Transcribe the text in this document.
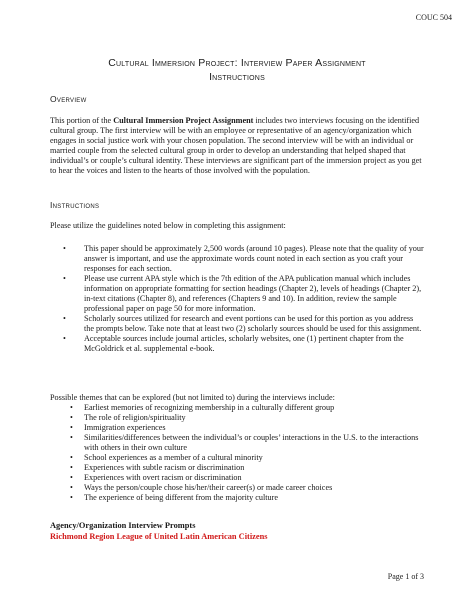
COUC 504
Cultural Immersion Project: Interview Paper Assignment
Instructions
Overview

This portion of the Cultural Immersion Project Assignment includes two interviews focusing on the identified cultural group. The first interview will be with an employee or representative of an agency/organization which engages in social justice work with your chosen population. The second interview will be with an individual or married couple from the selected cultural group in order to develop an understanding that helped shaped that individual’s or couple’s cultural identity. These interviews are significant part of the immersion project as you get to hear the voices and listen to the hearts of those involved with the population.

Instructions

Please utilize the guidelines noted below in completing this assignment:

• This paper should be approximately 2,500 words (around 10 pages). Please note that the quality of your answer is important, and use the approximate words count noted in each section as you craft your responses for each section.
• Please use current APA style which is the 7th edition of the APA publication manual which includes information on appropriate formatting for section headings (Chapter 2), levels of headings (Chapter 2), in-text citations (Chapter 8), and references (Chapters 9 and 10). In addition, review the sample professional paper on page 50 for more information.
• Scholarly sources utilized for research and event portions can be used for this portion as you address the prompts below. Take note that at least two (2) scholarly sources should be used for this assignment.
• Acceptable sources include journal articles, scholarly websites, one (1) pertinent chapter from the McGoldrick et al. supplemental e-book.

Possible themes that can be explored (but not limited to) during the interviews include:

• Earliest memories of recognizing membership in a culturally different group
• The role of religion/spirituality
• Immigration experiences
• Similarities/differences between the individual’s or couples’ interactions in the U.S. to the interactions with others in their own culture
• School experiences as a member of a cultural minority
• Experiences with subtle racism or discrimination
• Experiences with overt racism or discrimination
• Ways the person/couple chose his/her/their career(s) or made career choices
• The experience of being different from the majority culture
Agency/Organization Interview Prompts
Richmond Region League of United Latin American Citizens
Page 1 of 3
